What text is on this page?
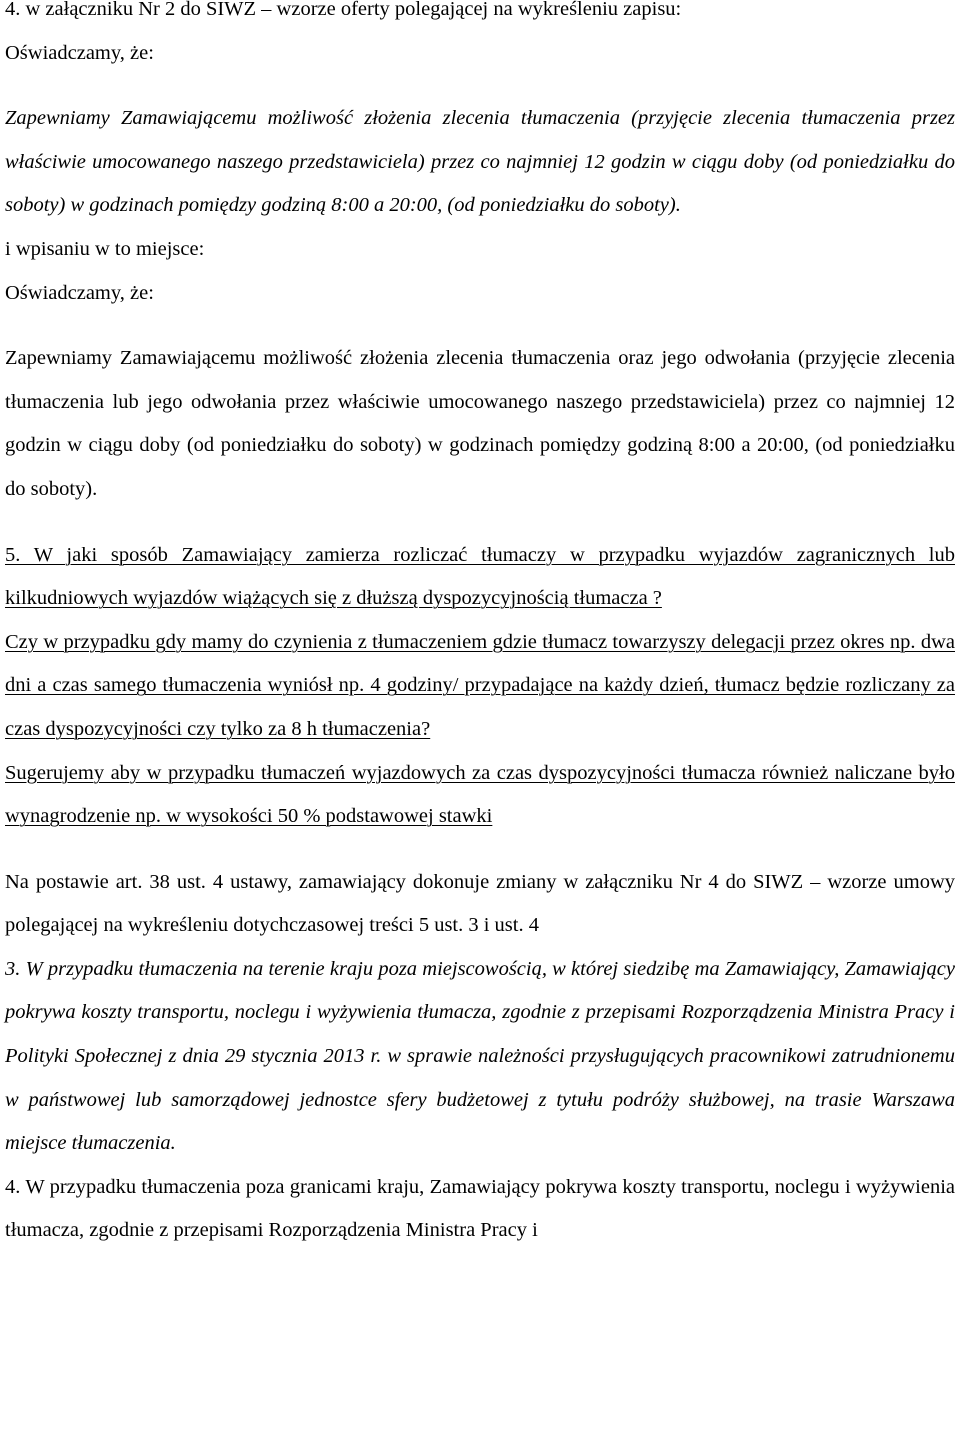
4. w załączniku Nr 2 do SIWZ – wzorze oferty polegającej na wykreśleniu zapisu:

Oświadczamy, że:

Zapewniamy Zamawiającemu możliwość złożenia zlecenia tłumaczenia (przyjęcie zlecenia tłumaczenia przez właściwie umocowanego naszego przedstawiciela) przez co najmniej 12 godzin w ciągu doby (od poniedziałku do soboty) w godzinach pomiędzy godziną 8:00 a 20:00, (od poniedziałku do soboty).

i wpisaniu w to miejsce:

Oświadczamy, że:

Zapewniamy Zamawiającemu możliwość złożenia zlecenia tłumaczenia oraz jego odwołania (przyjęcie zlecenia tłumaczenia lub jego odwołania przez właściwie umocowanego naszego przedstawiciela) przez co najmniej 12 godzin w ciągu doby (od poniedziałku do soboty) w godzinach pomiędzy godziną 8:00 a 20:00, (od poniedziałku do soboty).

5. W jaki sposób Zamawiający zamierza rozliczać tłumaczy w przypadku wyjazdów zagranicznych lub kilkudniowych wyjazdów wiążących się z dłuższą dyspozycyjnością tłumacza ?

Czy w przypadku gdy mamy do czynienia z tłumaczeniem gdzie tłumacz towarzyszy delegacji przez okres np. dwa dni a czas samego tłumaczenia wyniósł np. 4 godziny/ przypadające na każdy dzień, tłumacz będzie rozliczany za czas dyspozycyjności czy tylko za 8 h tłumaczenia?

Sugerujemy aby w przypadku tłumaczeń wyjazdowych za czas dyspozycyjności tłumacza również naliczane było wynagrodzenie np. w wysokości 50 % podstawowej stawki

Na postawie art. 38 ust. 4 ustawy, zamawiający dokonuje zmiany w załączniku Nr 4 do SIWZ – wzorze umowy polegającej na wykreśleniu dotychczasowej treści 5 ust. 3 i ust. 4

3. W przypadku tłumaczenia na terenie kraju poza miejscowością, w której siedzibę ma Zamawiający, Zamawiający pokrywa koszty transportu, noclegu i wyżywienia tłumacza, zgodnie z przepisami Rozporządzenia Ministra Pracy i Polityki Społecznej z dnia 29 stycznia 2013 r. w sprawie należności przysługujących pracownikowi zatrudnionemu w państwowej lub samorządowej jednostce sfery budżetowej z tytułu podróży służbowej, na trasie Warszawa miejsce tłumaczenia.

4. W przypadku tłumaczenia poza granicami kraju, Zamawiający pokrywa koszty transportu, noclegu i wyżywienia tłumacza, zgodnie z przepisami Rozporządzenia Ministra Pracy i
